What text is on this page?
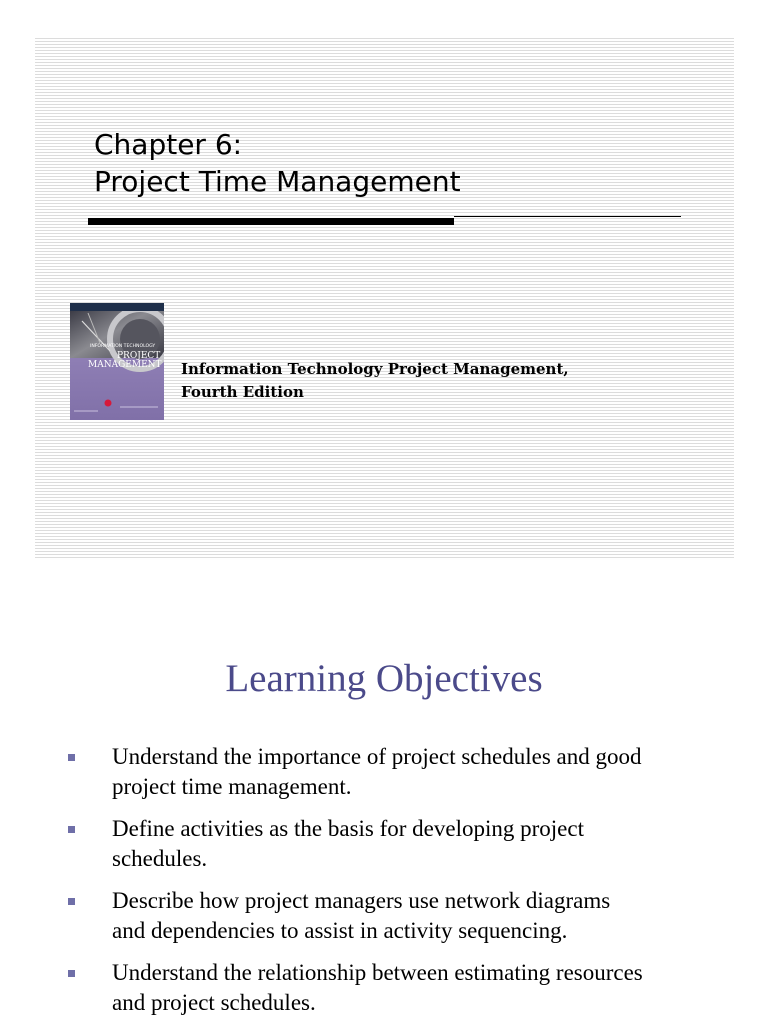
Chapter 6:
Project Time Management
INFORMATION TECHNOLOGY
PROJECT
MANAGEMENT Information Technology Project Management,
Fourth Edition
Learning Objectives
Understand the importance of project schedules and good
project time management.
Define activities as the basis for developing project
schedules.
Describe how project managers use network diagrams
and dependencies to assist in activity sequencing.
Understand the relationship between estimating resources
and project schedules.
